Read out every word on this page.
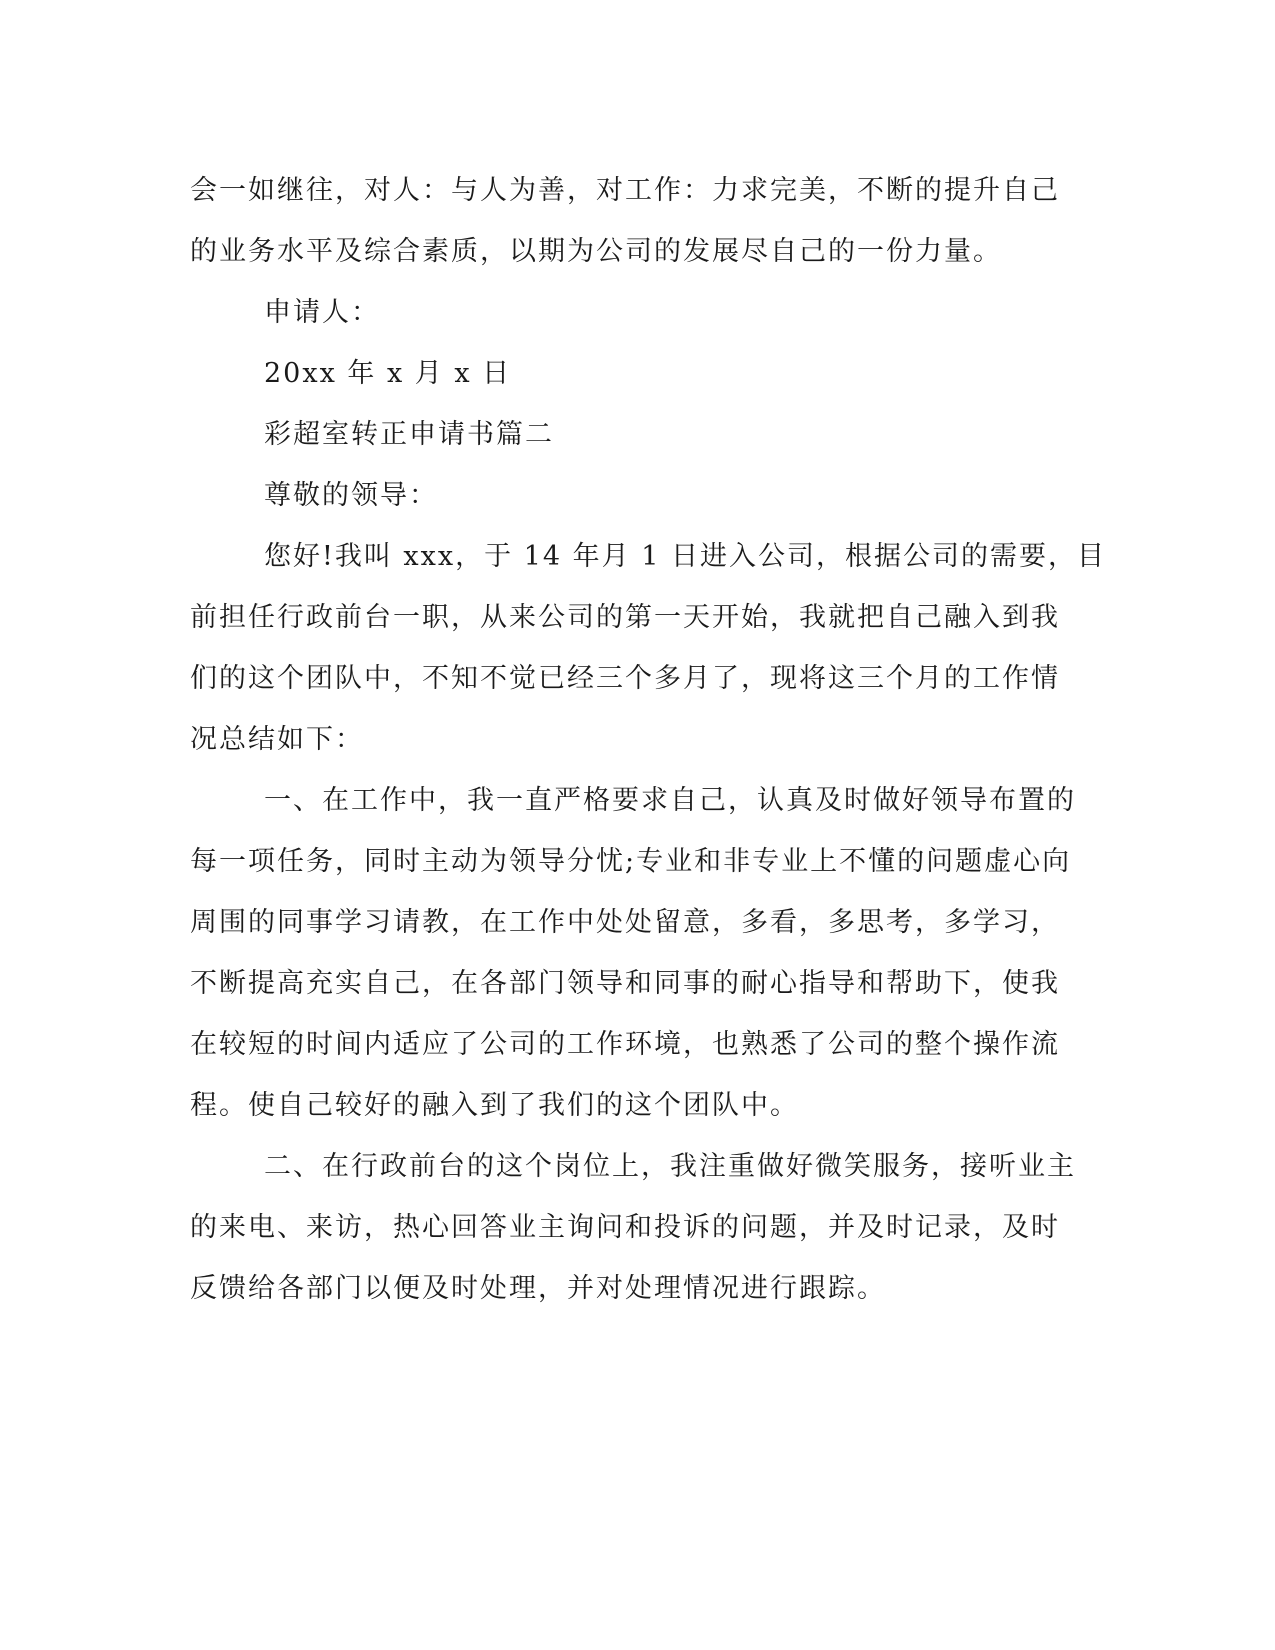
会一如继往，对人：与人为善，对工作：力求完美，不断的提升自己
的业务水平及综合素质，以期为公司的发展尽自己的一份力量。

申请人：

20xx 年 x 月 x 日

彩超室转正申请书篇二

尊敬的领导：

您好!我叫 xxx，于 14 年月 1 日进入公司，根据公司的需要，目
前担任行政前台一职，从来公司的第一天开始，我就把自己融入到我
们的这个团队中，不知不觉已经三个多月了，现将这三个月的工作情
况总结如下：

一、在工作中，我一直严格要求自己，认真及时做好领导布置的
每一项任务，同时主动为领导分忧;专业和非专业上不懂的问题虚心向
周围的同事学习请教，在工作中处处留意，多看，多思考，多学习，
不断提高充实自己，在各部门领导和同事的耐心指导和帮助下，使我
在较短的时间内适应了公司的工作环境，也熟悉了公司的整个操作流
程。使自己较好的融入到了我们的这个团队中。

二、在行政前台的这个岗位上，我注重做好微笑服务，接听业主
的来电、来访，热心回答业主询问和投诉的问题，并及时记录，及时
反馈给各部门以便及时处理，并对处理情况进行跟踪。
